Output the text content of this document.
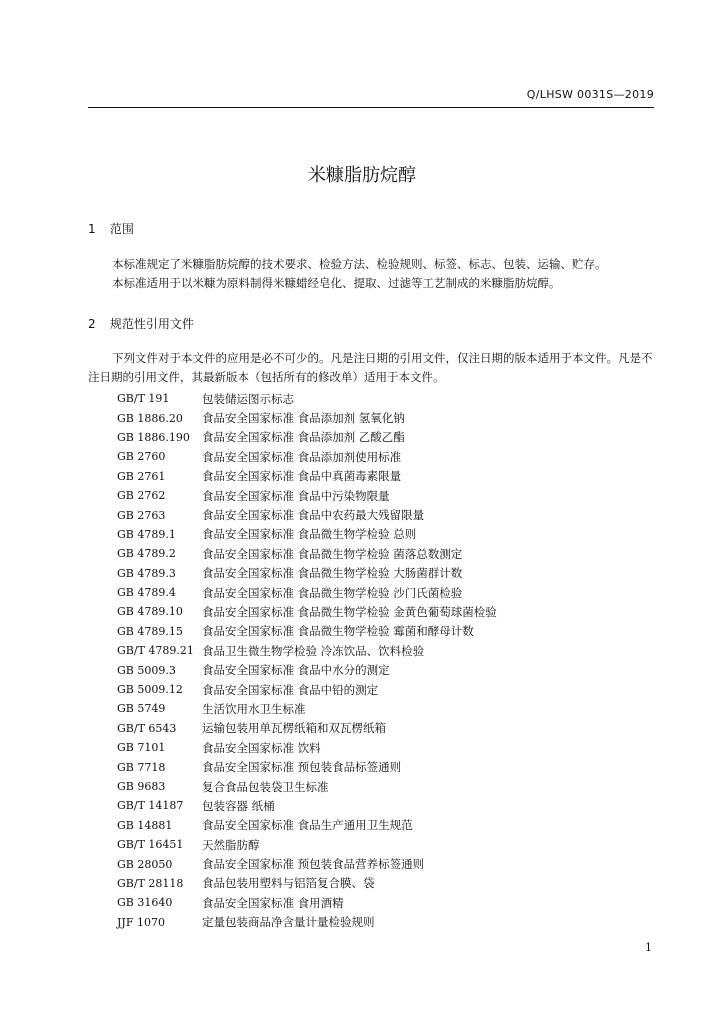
Q/LHSW 0031S—2019
米糠脂肪烷醇
1 范围

本标准规定了米糠脂肪烷醇的技术要求、检验方法、检验规则、标签、标志、包装、运输、贮存。

本标准适用于以米糠为原料制得米糠蜡经皂化、提取、过滤等工艺制成的米糠脂肪烷醇。

2 规范性引用文件

下列文件对于本文件的应用是必不可少的。凡是注日期的引用文件，仅注日期的版本适用于本文件。凡是不注日期的引用文件，其最新版本（包括所有的修改单）适用于本文件。

GB/T 191	包装储运图示标志
GB 1886.20	食品安全国家标准 食品添加剂 氢氧化钠
GB 1886.190	食品安全国家标准 食品添加剂 乙酸乙酯
GB 2760	食品安全国家标准 食品添加剂使用标准
GB 2761	食品安全国家标准 食品中真菌毒素限量
GB 2762	食品安全国家标准 食品中污染物限量
GB 2763	食品安全国家标准 食品中农药最大残留限量
GB 4789.1	食品安全国家标准 食品微生物学检验 总则
GB 4789.2	食品安全国家标准 食品微生物学检验 菌落总数测定
GB 4789.3	食品安全国家标准 食品微生物学检验 大肠菌群计数
GB 4789.4	食品安全国家标准 食品微生物学检验 沙门氏菌检验
GB 4789.10	食品安全国家标准 食品微生物学检验 金黄色葡萄球菌检验
GB 4789.15	食品安全国家标准 食品微生物学检验 霉菌和酵母计数
GB/T 4789.21 食品卫生微生物学检验 冷冻饮品、饮料检验
GB 5009.3	食品安全国家标准 食品中水分的测定
GB 5009.12	食品安全国家标准 食品中铅的测定
GB 5749	生活饮用水卫生标准
GB/T 6543	运输包装用单瓦楞纸箱和双瓦楞纸箱
GB 7101	食品安全国家标准 饮料
GB 7718	食品安全国家标准 预包装食品标签通则
GB 9683	复合食品包装袋卫生标准
GB/T 14187	包装容器 纸桶
GB 14881	食品安全国家标准 食品生产通用卫生规范
GB/T 16451	天然脂肪醇
GB 28050	食品安全国家标准 预包装食品营养标签通则
GB/T 28118	食品包装用塑料与铝箔复合膜、袋
GB 31640	食品安全国家标准 食用酒精
JJF 1070	定量包装商品净含量计量检验规则
1
